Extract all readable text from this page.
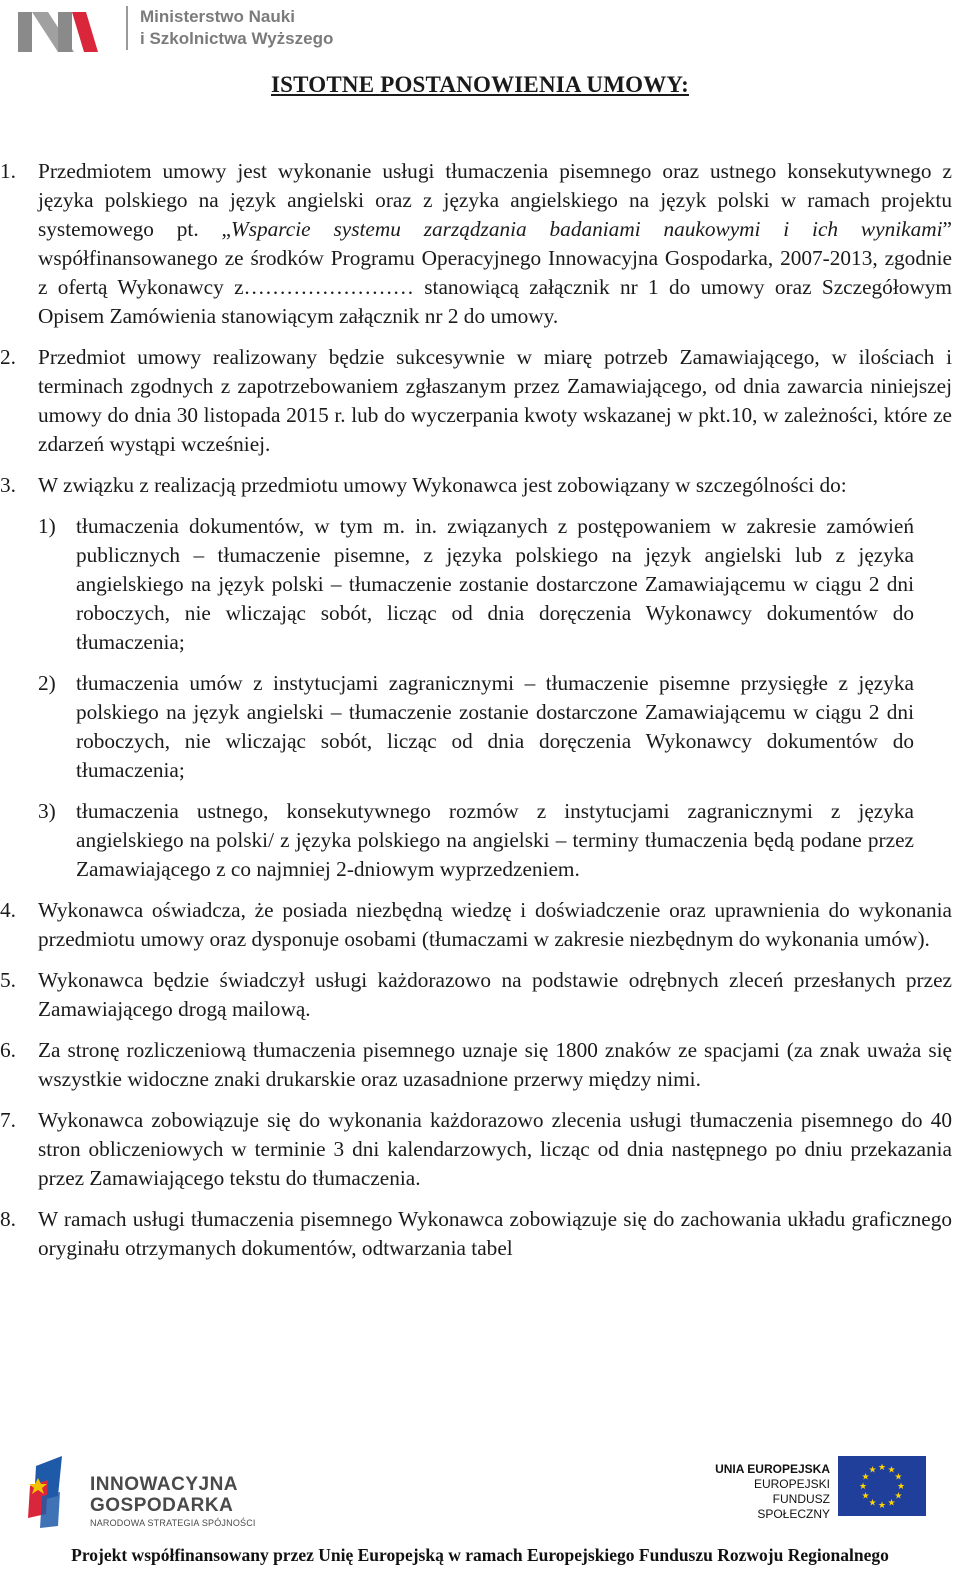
Ministerstwo Nauki
i Szkolnictwa Wyższego
ISTOTNE POSTANOWIENIA UMOWY:
1. Przedmiotem umowy jest wykonanie usługi tłumaczenia pisemnego oraz ustnego konsekutywnego z języka polskiego na język angielski oraz z języka angielskiego na język polski w ramach projektu systemowego pt. „Wsparcie systemu zarządzania badaniami naukowymi i ich wynikami” współfinansowanego ze środków Programu Operacyjnego Innowacyjna Gospodarka, 2007-2013, zgodnie z ofertą Wykonawcy z…………………… stanowiącą załącznik nr 1 do umowy oraz Szczegółowym Opisem Zamówienia stanowiącym załącznik nr 2 do umowy.
2. Przedmiot umowy realizowany będzie sukcesywnie w miarę potrzeb Zamawiającego, w ilościach i terminach zgodnych z zapotrzebowaniem zgłaszanym przez Zamawiającego, od dnia zawarcia niniejszej umowy do dnia 30 listopada 2015 r. lub do wyczerpania kwoty wskazanej w pkt.10, w zależności, które ze zdarzeń wystąpi wcześniej.
3. W związku z realizacją przedmiotu umowy Wykonawca jest zobowiązany w szczególności do:
1) tłumaczenia dokumentów, w tym m. in. związanych z postępowaniem w zakresie zamówień publicznych – tłumaczenie pisemne, z języka polskiego na język angielski lub z języka angielskiego na język polski – tłumaczenie zostanie dostarczone Zamawiającemu w ciągu 2 dni roboczych, nie wliczając sobót, licząc od dnia doręczenia Wykonawcy dokumentów do tłumaczenia;
2) tłumaczenia umów z instytucjami zagranicznymi – tłumaczenie pisemne przysięgłe z języka polskiego na język angielski – tłumaczenie zostanie dostarczone Zamawiającemu w ciągu 2 dni roboczych, nie wliczając sobót, licząc od dnia doręczenia Wykonawcy dokumentów do tłumaczenia;
3) tłumaczenia ustnego, konsekutywnego rozmów z instytucjami zagranicznymi z języka angielskiego na polski/ z języka polskiego na angielski – terminy tłumaczenia będą podane przez Zamawiającego z co najmniej 2-dniowym wyprzedzeniem.
4. Wykonawca oświadcza, że posiada niezbędną wiedzę i doświadczenie oraz uprawnienia do wykonania przedmiotu umowy oraz dysponuje osobami (tłumaczami w zakresie niezbędnym do wykonania umów).
5. Wykonawca będzie świadczył usługi każdorazowo na podstawie odrębnych zleceń przesłanych przez Zamawiającego drogą mailową.
6. Za stronę rozliczeniową tłumaczenia pisemnego uznaje się 1800 znaków ze spacjami (za znak uważa się wszystkie widoczne znaki drukarskie oraz uzasadnione przerwy między nimi.
7. Wykonawca zobowiązuje się do wykonania każdorazowo zlecenia usługi tłumaczenia pisemnego do 40 stron obliczeniowych w terminie 3 dni kalendarzowych, licząc od dnia następnego po dniu przekazania przez Zamawiającego tekstu do tłumaczenia.
8. W ramach usługi tłumaczenia pisemnego Wykonawca zobowiązuje się do zachowania układu graficznego oryginału otrzymanych dokumentów, odtwarzania tabel
INNOWACYJNA
GOSPODARKA
NARODOWA STRATEGIA SPÓJNOŚCI
UNIA EUROPEJSKA
EUROPEJSKI
FUNDUSZ SPOŁECZNY
★ ★
★
★
★
★
★
★
★
★
★
★
Projekt współfinansowany przez Unię Europejską w ramach Europejskiego Funduszu Rozwoju Regionalnego
